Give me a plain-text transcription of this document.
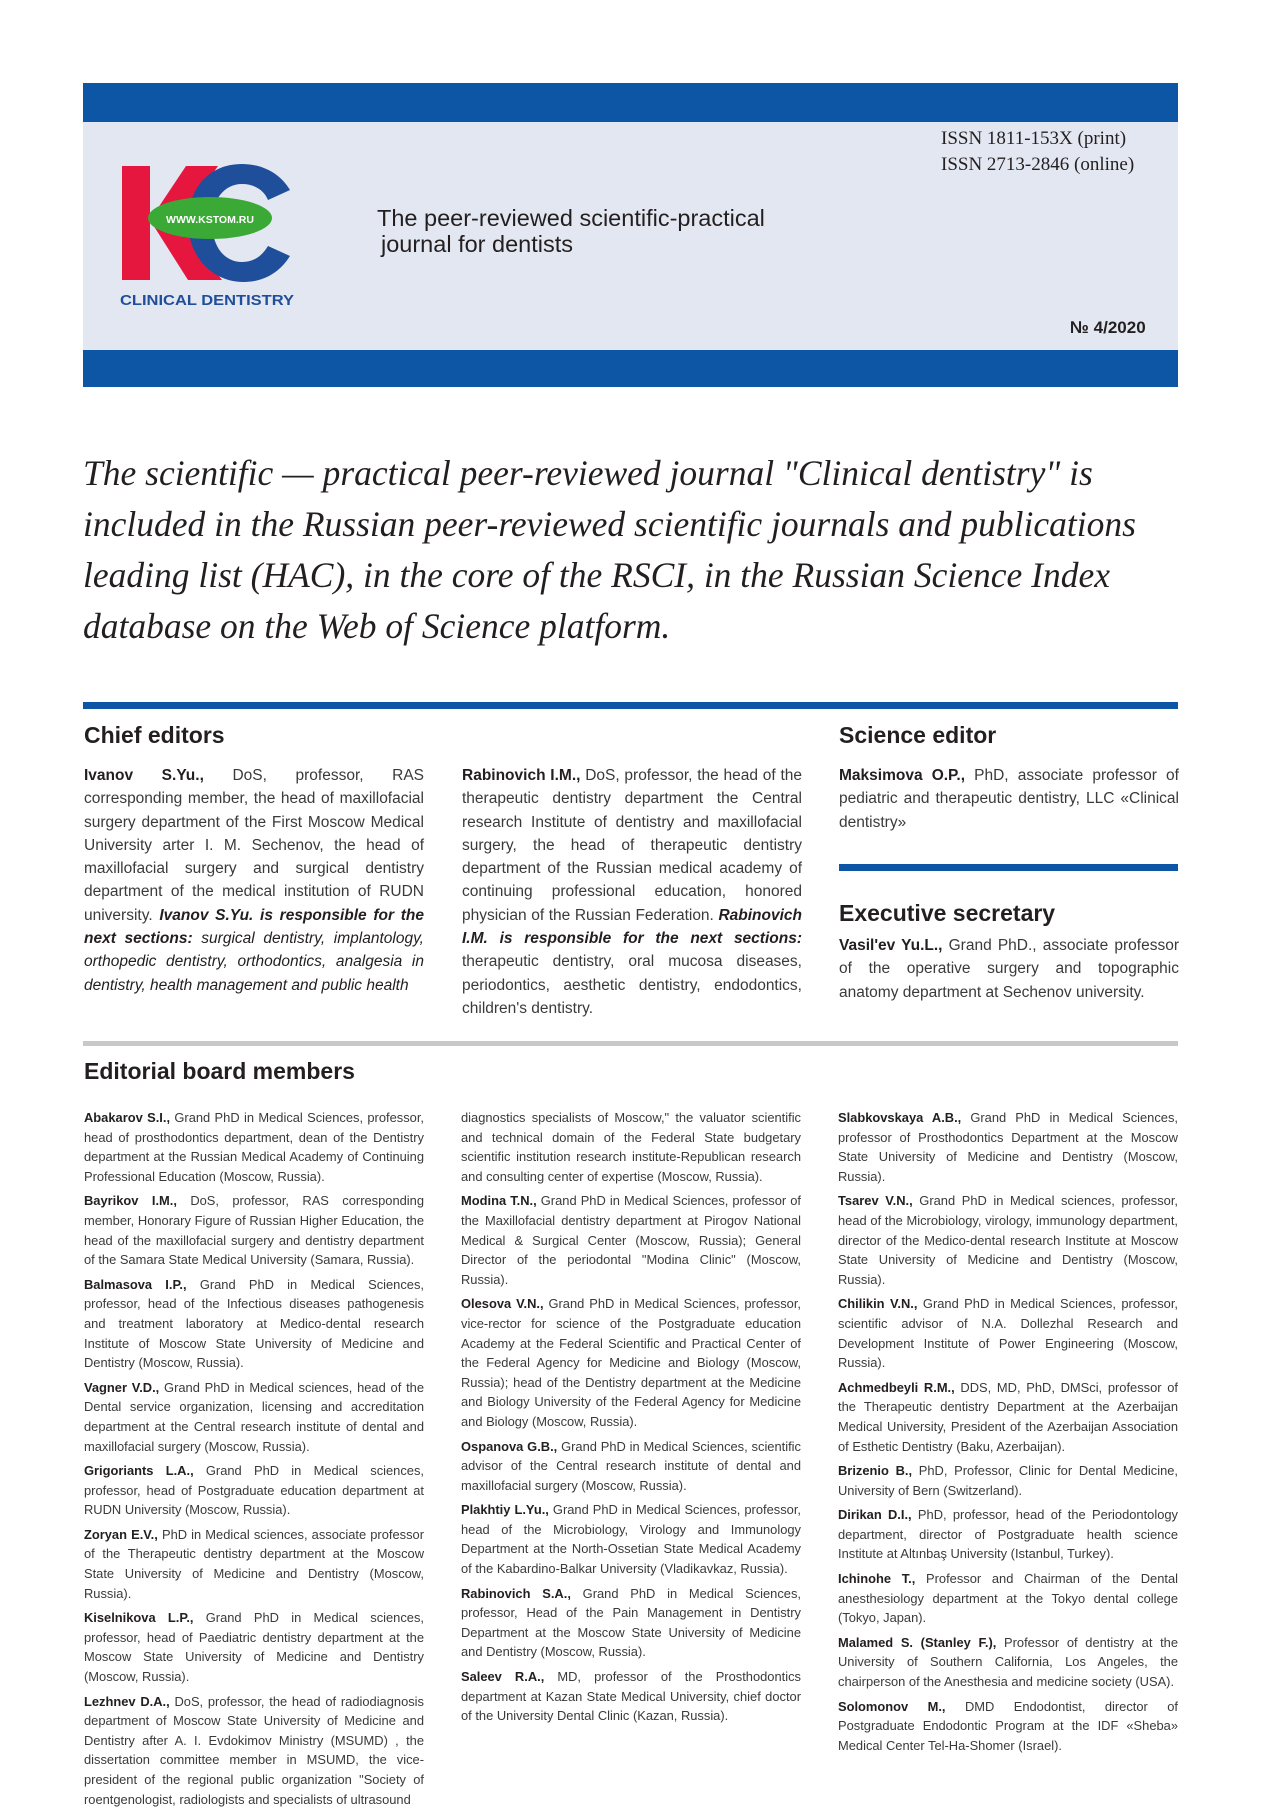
WWW.KSTOM.RU
CLINICAL DENTISTRY
ISSN 1811-153X (print)
ISSN 2713-2846 (online)
The peer-reviewed scientific-practical
journal for dentists
№ 4/2020
The scientific — practical peer-reviewed journal "Clinical dentistry" is included in the Russian peer-reviewed scientific journals and publications leading list (HAC), in the core of the RSCI, in the Russian Science Index database on the Web of Science platform.
Chief editors
Ivanov S.Yu., DoS, professor, RAS corresponding member, the head of maxillofacial surgery department of the First Moscow Medical University arter I. M. Sechenov, the head of maxillofacial surgery and surgical dentistry department of the medical institution of RUDN university. Ivanov S.Yu. is responsible for the next sections: surgical dentistry, implantology, orthopedic dentistry, orthodontics, analgesia in dentistry, health management and public health
Rabinovich I.M., DoS, professor, the head of the therapeutic dentistry department the Central research Institute of dentistry and maxillofacial surgery, the head of therapeutic dentistry department of the Russian medical academy of continuing professional education, honored physician of the Russian Federation. Rabinovich I.M. is responsible for the next sections: therapeutic dentistry, oral mucosa diseases, periodontics, aesthetic dentistry, endodontics, children's dentistry.
Science editor
Maksimova O.P., PhD, associate professor of pediatric and therapeutic dentistry, LLC «Clinical dentistry»
Executive secretary
Vasil'ev Yu.L., Grand PhD., associate professor of the operative surgery and topographic anatomy department at Sechenov university.
Editorial board members

Abakarov S.I., Grand PhD in Medical Sciences, professor, head of prosthodontics department, dean of the Dentistry department at the Russian Medical Academy of Continuing Professional Education (Moscow, Russia).

Bayrikov I.M., DoS, professor, RAS corresponding member, Honorary Figure of Russian Higher Education, the head of the maxillofacial surgery and dentistry department of the Samara State Medical University (Samara, Russia).

Balmasova I.P., Grand PhD in Medical Sciences, professor, head of the Infectious diseases pathogenesis and treatment laboratory at Medico-dental research Institute of Moscow State University of Medicine and Dentistry (Moscow, Russia).

Vagner V.D., Grand PhD in Medical sciences, head of the Dental service organization, licensing and accreditation department at the Central research institute of dental and maxillofacial surgery (Moscow, Russia).

Grigoriants L.A., Grand PhD in Medical sciences, professor, head of Postgraduate education department at RUDN University (Moscow, Russia).

Zoryan E.V., PhD in Medical sciences, associate professor of the Therapeutic dentistry department at the Moscow State University of Medicine and Dentistry (Moscow, Russia).

Kiselnikova L.P., Grand PhD in Medical sciences, professor, head of Paediatric dentistry department at the Moscow State University of Medicine and Dentistry (Moscow, Russia).

Lezhnev D.A., DoS, professor, the head of radiodiagnosis department of Moscow State University of Medicine and Dentistry after A. I. Evdokimov Ministry (MSUMD) , the dissertation committee member in MSUMD, the vice-president of the regional public organization "Society of roentgenologist, radiologists and specialists of ultrasound

diagnostics specialists of Moscow," the valuator scientific and technical domain of the Federal State budgetary scientific institution research institute-Republican research and consulting center of expertise (Moscow, Russia).

Modina T.N., Grand PhD in Medical Sciences, professor of the Maxillofacial dentistry department at Pirogov National Medical & Surgical Center (Moscow, Russia); General Director of the periodontal "Modina Clinic" (Moscow, Russia).

Olesova V.N., Grand PhD in Medical Sciences, professor, vice-rector for science of the Postgraduate education Academy at the Federal Scientific and Practical Center of the Federal Agency for Medicine and Biology (Moscow, Russia); head of the Dentistry department at the Medicine and Biology University of the Federal Agency for Medicine and Biology (Moscow, Russia).

Ospanova G.B., Grand PhD in Medical Sciences, scientific advisor of the Central research institute of dental and maxillofacial surgery (Moscow, Russia).

Plakhtiy L.Yu., Grand PhD in Medical Sciences, professor, head of the Microbiology, Virology and Immunology Department at the North-Ossetian State Medical Academy of the Kabardino-Balkar University (Vladikavkaz, Russia).

Rabinovich S.A., Grand PhD in Medical Sciences, professor, Head of the Pain Management in Dentistry Department at the Moscow State University of Medicine and Dentistry (Moscow, Russia).

Saleev R.A., MD, professor of the Prosthodontics department at Kazan State Medical University, chief doctor of the University Dental Clinic (Kazan, Russia).

Slabkovskaya A.B., Grand PhD in Medical Sciences, professor of Prosthodontics Department at the Moscow State University of Medicine and Dentistry (Moscow, Russia).

Tsarev V.N., Grand PhD in Medical sciences, professor, head of the Microbiology, virology, immunology department, director of the Medico-dental research Institute at Moscow State University of Medicine and Dentistry (Moscow, Russia).

Chilikin V.N., Grand PhD in Medical Sciences, professor, scientific advisor of N.A. Dollezhal Research and Development Institute of Power Engineering (Moscow, Russia).

Achmedbeyli R.M., DDS, MD, PhD, DMSci, professor of the Therapeutic dentistry Department at the Azerbaijan Medical University, President of the Azerbaijan Association of Esthetic Dentistry (Baku, Azerbaijan).

Brizenio B., PhD, Professor, Clinic for Dental Medicine, University of Bern (Switzerland).

Dirikan D.I., PhD, professor, head of the Periodontology department, director of Postgraduate health science Institute at Altınbaş University (Istanbul, Turkey).

Ichinohe T., Professor and Chairman of the Dental anesthesiology department at the Tokyo dental college (Tokyo, Japan).

Malamed S. (Stanley F.), Professor of dentistry at the University of Southern California, Los Angeles, the chairperson of the Anesthesia and medicine society (USA).

Solomonov M., DMD Endodontist, director of Postgraduate Endodontic Program at the IDF «Sheba» Medical Center Tel-Ha-Shomer (Israel).
